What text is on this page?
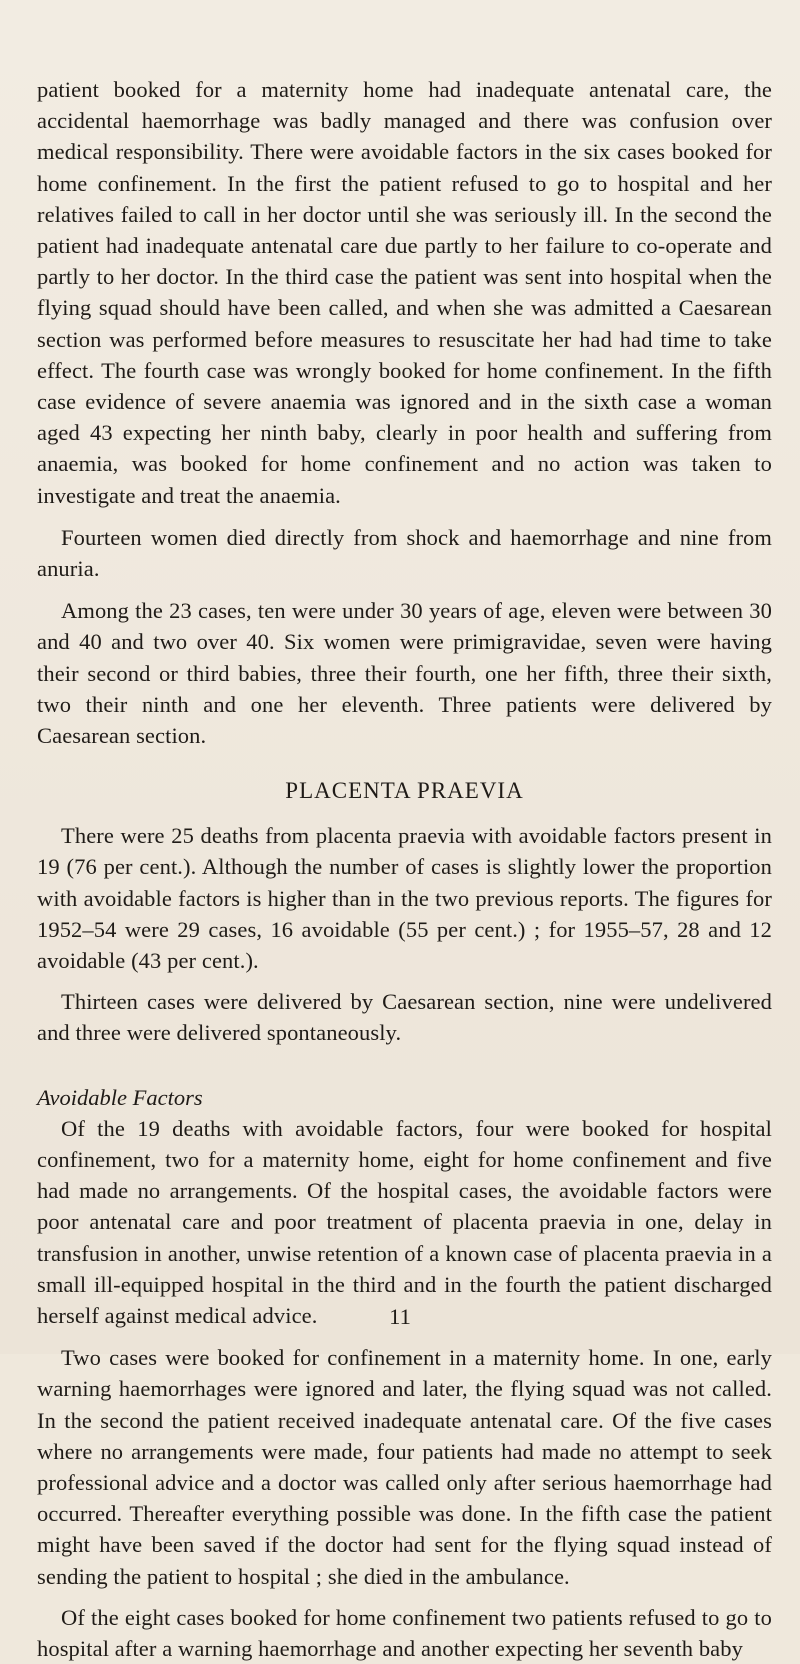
patient booked for a maternity home had inadequate antenatal care, the accidental haemorrhage was badly managed and there was confusion over medical responsibility. There were avoidable factors in the six cases booked for home confinement. In the first the patient refused to go to hospital and her relatives failed to call in her doctor until she was seriously ill. In the second the patient had inadequate antenatal care due partly to her failure to co-operate and partly to her doctor. In the third case the patient was sent into hospital when the flying squad should have been called, and when she was admitted a Caesarean section was performed before measures to resuscitate her had had time to take effect. The fourth case was wrongly booked for home confinement. In the fifth case evidence of severe anaemia was ignored and in the sixth case a woman aged 43 expecting her ninth baby, clearly in poor health and suffering from anaemia, was booked for home confinement and no action was taken to investigate and treat the anaemia.

Fourteen women died directly from shock and haemorrhage and nine from anuria.

Among the 23 cases, ten were under 30 years of age, eleven were between 30 and 40 and two over 40. Six women were primigravidae, seven were having their second or third babies, three their fourth, one her fifth, three their sixth, two their ninth and one her eleventh. Three patients were delivered by Caesarean section.

PLACENTA PRAEVIA

There were 25 deaths from placenta praevia with avoidable factors present in 19 (76 per cent.). Although the number of cases is slightly lower the proportion with avoidable factors is higher than in the two previous reports. The figures for 1952–54 were 29 cases, 16 avoidable (55 per cent.) ; for 1955–57, 28 and 12 avoidable (43 per cent.).

Thirteen cases were delivered by Caesarean section, nine were undelivered and three were delivered spontaneously.

Avoidable Factors

Of the 19 deaths with avoidable factors, four were booked for hospital confinement, two for a maternity home, eight for home confinement and five had made no arrangements. Of the hospital cases, the avoidable factors were poor antenatal care and poor treatment of placenta praevia in one, delay in transfusion in another, unwise retention of a known case of placenta praevia in a small ill-equipped hospital in the third and in the fourth the patient discharged herself against medical advice.

Two cases were booked for confinement in a maternity home. In one, early warning haemorrhages were ignored and later, the flying squad was not called. In the second the patient received inadequate antenatal care. Of the five cases where no arrangements were made, four patients had made no attempt to seek professional advice and a doctor was called only after serious haemorrhage had occurred. Thereafter everything possible was done. In the fifth case the patient might have been saved if the doctor had sent for the flying squad instead of sending the patient to hospital ; she died in the ambulance.

Of the eight cases booked for home confinement two patients refused to go to hospital after a warning haemorrhage and another expecting her seventh baby

11
